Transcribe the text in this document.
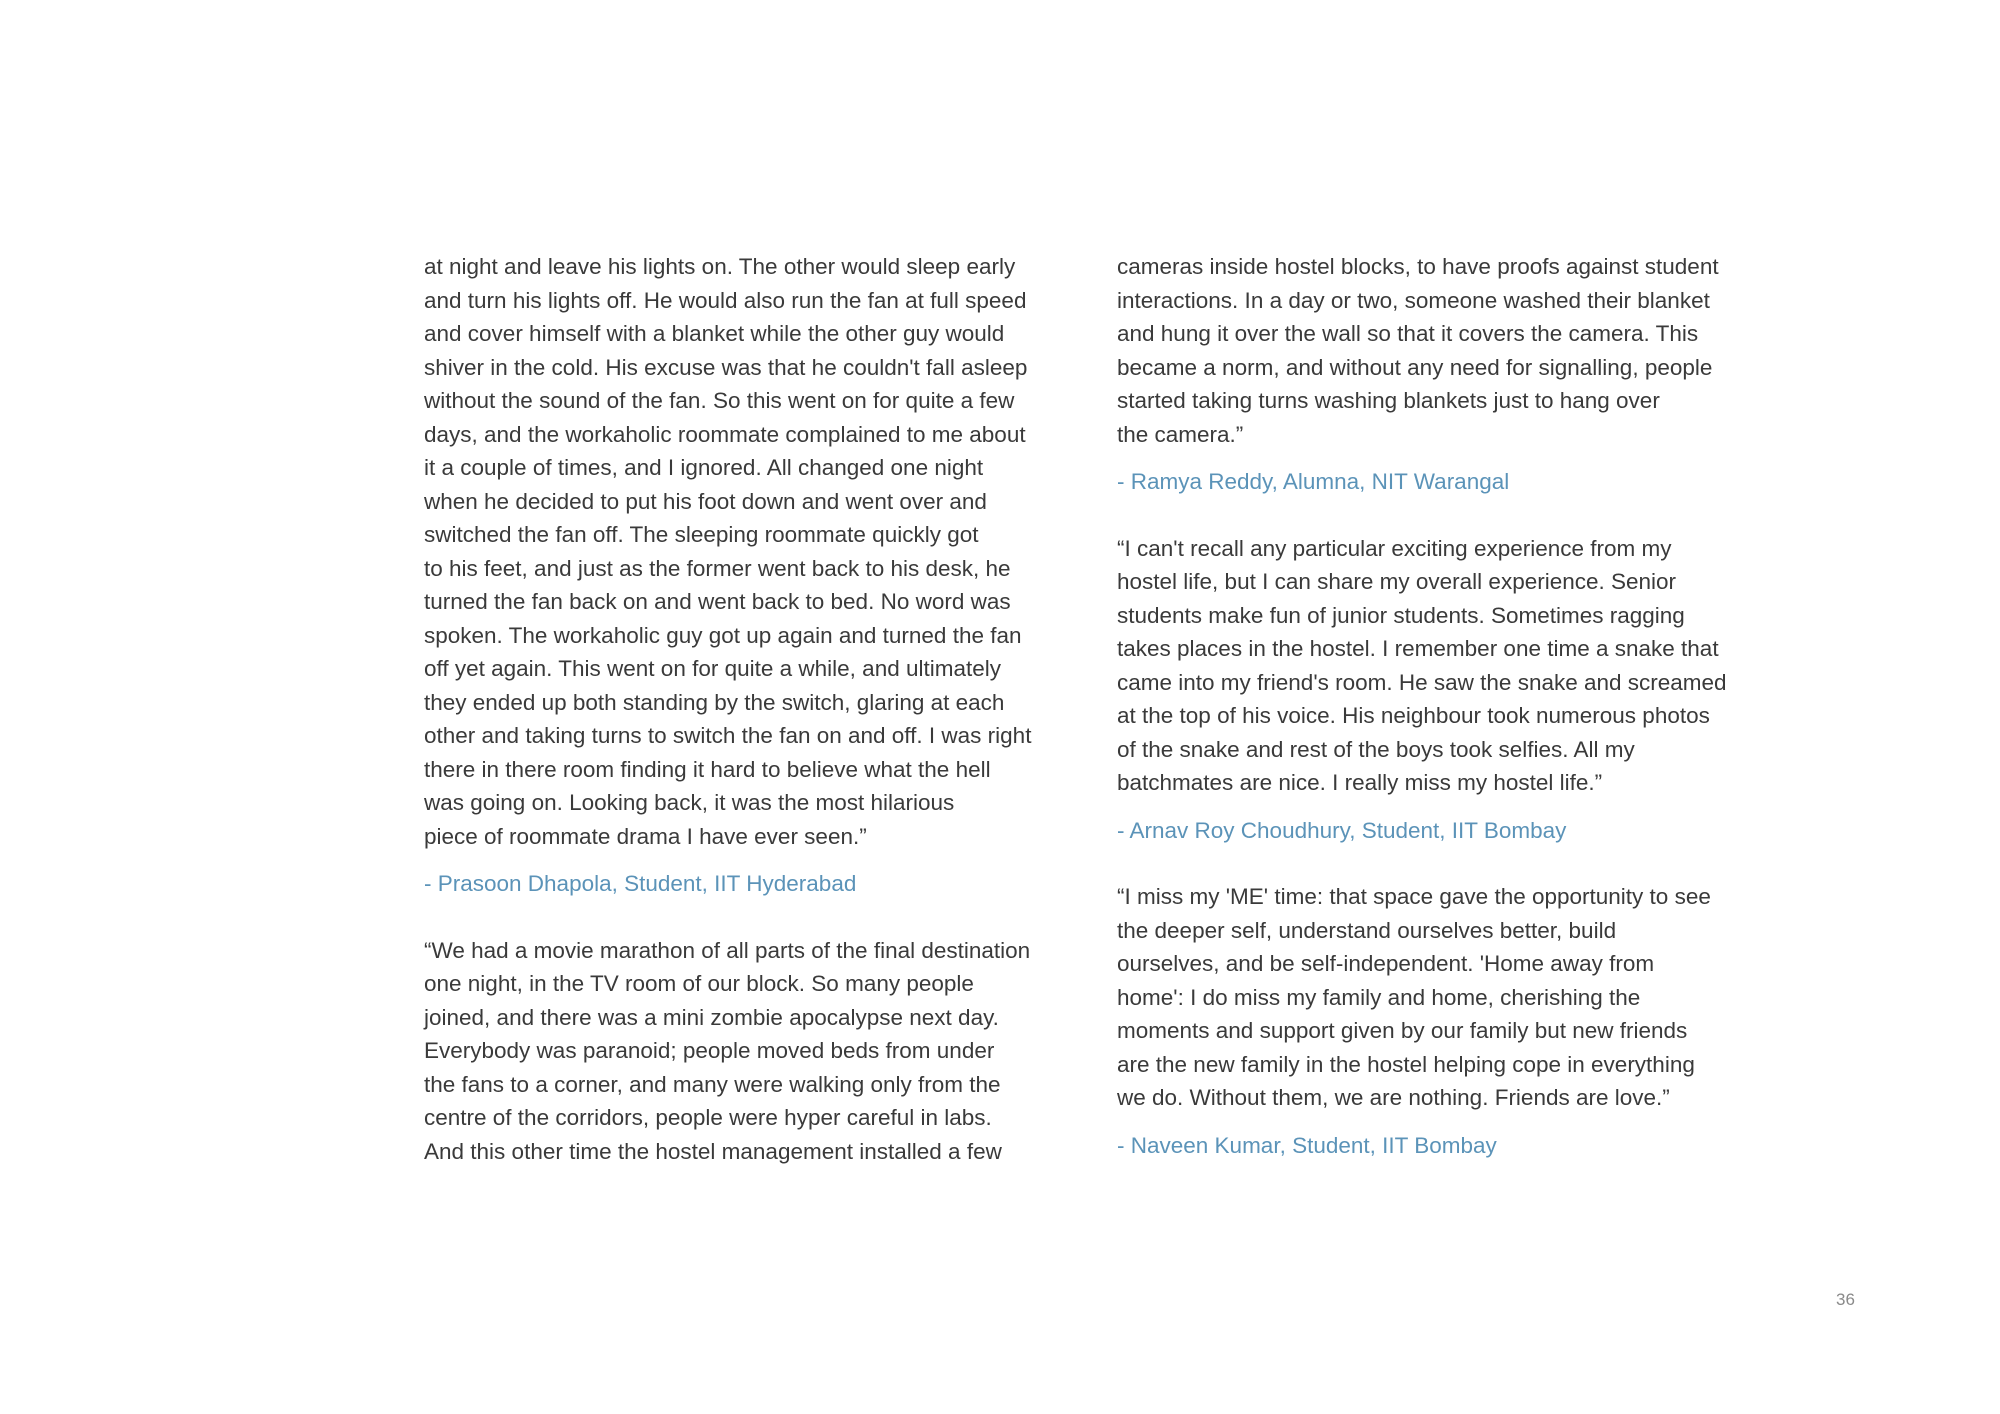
at night and leave his lights on. The other would sleep early
and turn his lights off. He would also run the fan at full speed
and cover himself with a blanket while the other guy would
shiver in the cold. His excuse was that he couldn't fall asleep
without the sound of the fan. So this went on for quite a few
days, and the workaholic roommate complained to me about
it a couple of times, and I ignored. All changed one night
when he decided to put his foot down and went over and
switched the fan off. The sleeping roommate quickly got
to his feet, and just as the former went back to his desk, he
turned the fan back on and went back to bed. No word was
spoken. The workaholic guy got up again and turned the fan
off yet again. This went on for quite a while, and ultimately
they ended up both standing by the switch, glaring at each
other and taking turns to switch the fan on and off. I was right
there in there room finding it hard to believe what the hell
was going on. Looking back, it was the most hilarious
piece of roommate drama I have ever seen.”
- Prasoon Dhapola, Student, IIT Hyderabad
“We had a movie marathon of all parts of the final destination
one night, in the TV room of our block. So many people
joined, and there was a mini zombie apocalypse next day.
Everybody was paranoid; people moved beds from under
the fans to a corner, and many were walking only from the
centre of the corridors, people were hyper careful in labs.
And this other time the hostel management installed a few
cameras inside hostel blocks, to have proofs against student
interactions. In a day or two, someone washed their blanket
and hung it over the wall so that it covers the camera. This
became a norm, and without any need for signalling, people
started taking turns washing blankets just to hang over
the camera.”
- Ramya Reddy, Alumna, NIT Warangal
“I can't recall any particular exciting experience from my
hostel life, but I can share my overall experience. Senior
students make fun of junior students. Sometimes ragging
takes places in the hostel. I remember one time a snake that
came into my friend's room. He saw the snake and screamed
at the top of his voice. His neighbour took numerous photos
of the snake and rest of the boys took selfies. All my
batchmates are nice. I really miss my hostel life.”
- Arnav Roy Choudhury, Student, IIT Bombay
“I miss my 'ME' time: that space gave the opportunity to see
the deeper self, understand ourselves better, build
ourselves, and be self-independent. 'Home away from
home': I do miss my family and home, cherishing the
moments and support given by our family but new friends
are the new family in the hostel helping cope in everything
we do. Without them, we are nothing. Friends are love.”
- Naveen Kumar, Student, IIT Bombay
36
